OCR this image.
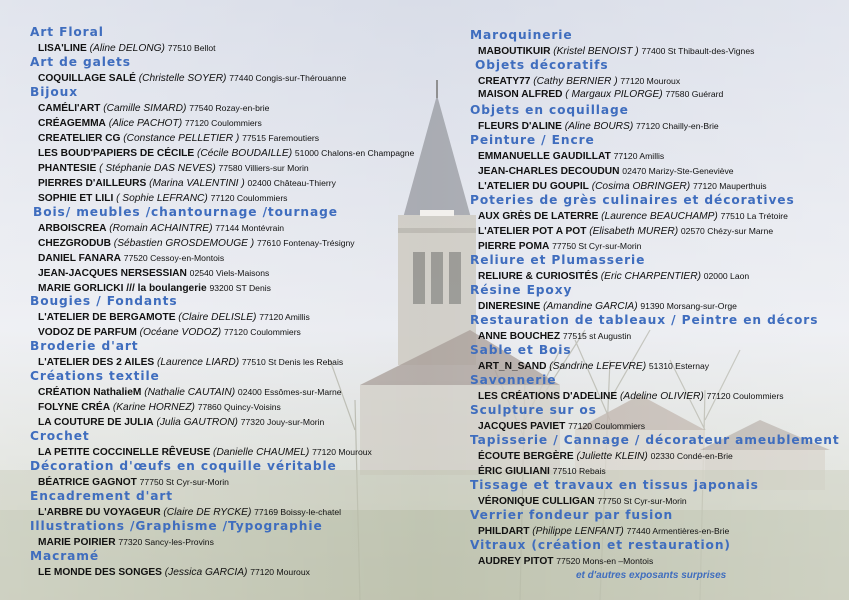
Art Floral
LISA'LINE (Aline DELONG) 77510 Bellot
Art de galets
COQUILLAGE SALÉ (Christelle SOYER) 77440 Congis-sur-Thérouanne
Bijoux
CAMÉLI'ART (Camille SIMARD) 77540 Rozay-en-brie
CRÉAGEMMA (Alice PACHOT) 77120 Coulommiers
CREATELIER CG (Constance PELLETIER ) 77515 Faremoutiers
LES BOUD'PAPIERS DE CÉCILE (Cécile BOUDAILLE) 51000 Chalons-en Champagne
PHANTESIE ( Stéphanie DAS NEVES) 77580 Villiers-sur Morin
PIERRES D'AILLEURS (Marina VALENTINI ) 02400 Château-Thierry
SOPHIE ET LILI ( Sophie LEFRANC) 77120 Coulommiers
Bois/ meubles /chantournage /tournage
ARBOISCREA (Romain ACHAINTRE) 77144 Montévrain
CHEZGRODUB (Sébastien GROSDEMOUGE ) 77610 Fontenay-Trésigny
DANIEL FANARA 77520 Cessoy-en-Montois
JEAN-JACQUES NERSESSIAN 02540 Viels-Maisons
MARIE GORLICKI /// la boulangerie 93200 ST Denis
Bougies / Fondants
L'ATELIER DE BERGAMOTE (Claire DELISLE) 77120 Amillis
VODOZ DE PARFUM (Océane VODOZ) 77120 Coulommiers
Broderie d'art
L'ATELIER DES 2 AILES (Laurence LIARD) 77510 St Denis les Rebais
Créations textile
CRÉATION NathalieM (Nathalie CAUTAIN) 02400 Essômes-sur-Marne
FOLYNE CRÉA (Karine HORNEZ) 77860 Quincy-Voisins
LA COUTURE DE JULIA (Julia GAUTRON) 77320 Jouy-sur-Morin
Crochet
LA PETITE COCCINELLE RÊVEUSE (Danielle CHAUMEL) 77120 Mouroux
Décoration d'œufs en coquille véritable
BÉATRICE GAGNOT 77750 St Cyr-sur-Morin
Encadrement d'art
L'ARBRE DU VOYAGEUR (Claire DE RYCKE) 77169 Boissy-le-chatel
Illustrations /Graphisme /Typographie
MARIE POIRIER 77320 Sancy-les-Provins
Macramé
LE MONDE DES SONGES (Jessica GARCIA) 77120 Mouroux
Maroquinerie
MABOUTIKUIR (Kristel BENOIST ) 77400 St Thibault-des-Vignes
Objets décoratifs
CREATY77 (Cathy BERNIER ) 77120 Mouroux
MAISON ALFRED ( Margaux PILORGE) 77580 Guérard
Objets en coquillage
FLEURS D'ALINE (Aline BOURS) 77120 Chailly-en-Brie
Peinture / Encre
EMMANUELLE GAUDILLAT 77120 Amillis
JEAN-CHARLES DECOUDUN 02470 Marizy-Ste-Geneviève
L'ATELIER DU GOUPIL (Cosima OBRINGER) 77120 Mauperthuis
Poteries de grès culinaires et décoratives
AUX GRÈS DE LATERRE (Laurence BEAUCHAMP) 77510 La Trétoire
L'ATELIER POT A POT (Elisabeth MURER) 02570 Chézy-sur Marne
PIERRE POMA 77750 St Cyr-sur-Morin
Reliure et Plumasserie
RELIURE & CURIOSITÉS (Eric CHARPENTIER) 02000 Laon
Résine Epoxy
DINERESINE (Amandine GARCIA) 91390 Morsang-sur-Orge
Restauration de tableaux / Peintre en décors
ANNE BOUCHEZ 77515 st Augustin
Sable et Bois
ART_N_SAND (Sandrine LEFEVRE) 51310 Esternay
Savonnerie
LES CRÉATIONS D'ADELINE (Adeline OLIVIER) 77120 Coulommiers
Sculpture sur os
JACQUES PAVIET 77120 Coulommiers
Tapisserie / Cannage / décorateur ameublement
ÉCOUTE BERGÈRE (Juliette KLEIN) 02330 Condé-en-Brie
ÉRIC GIULIANI 77510 Rebais
Tissage et travaux en tissus japonais
VÉRONIQUE CULLIGAN 77750 St Cyr-sur-Morin
Verrier fondeur par fusion
PHILDART (Philippe LENFANT) 77440 Armentières-en-Brie
Vitraux (création et restauration)
AUDREY PITOT 77520 Mons-en –Montois
et d'autres exposants surprises
